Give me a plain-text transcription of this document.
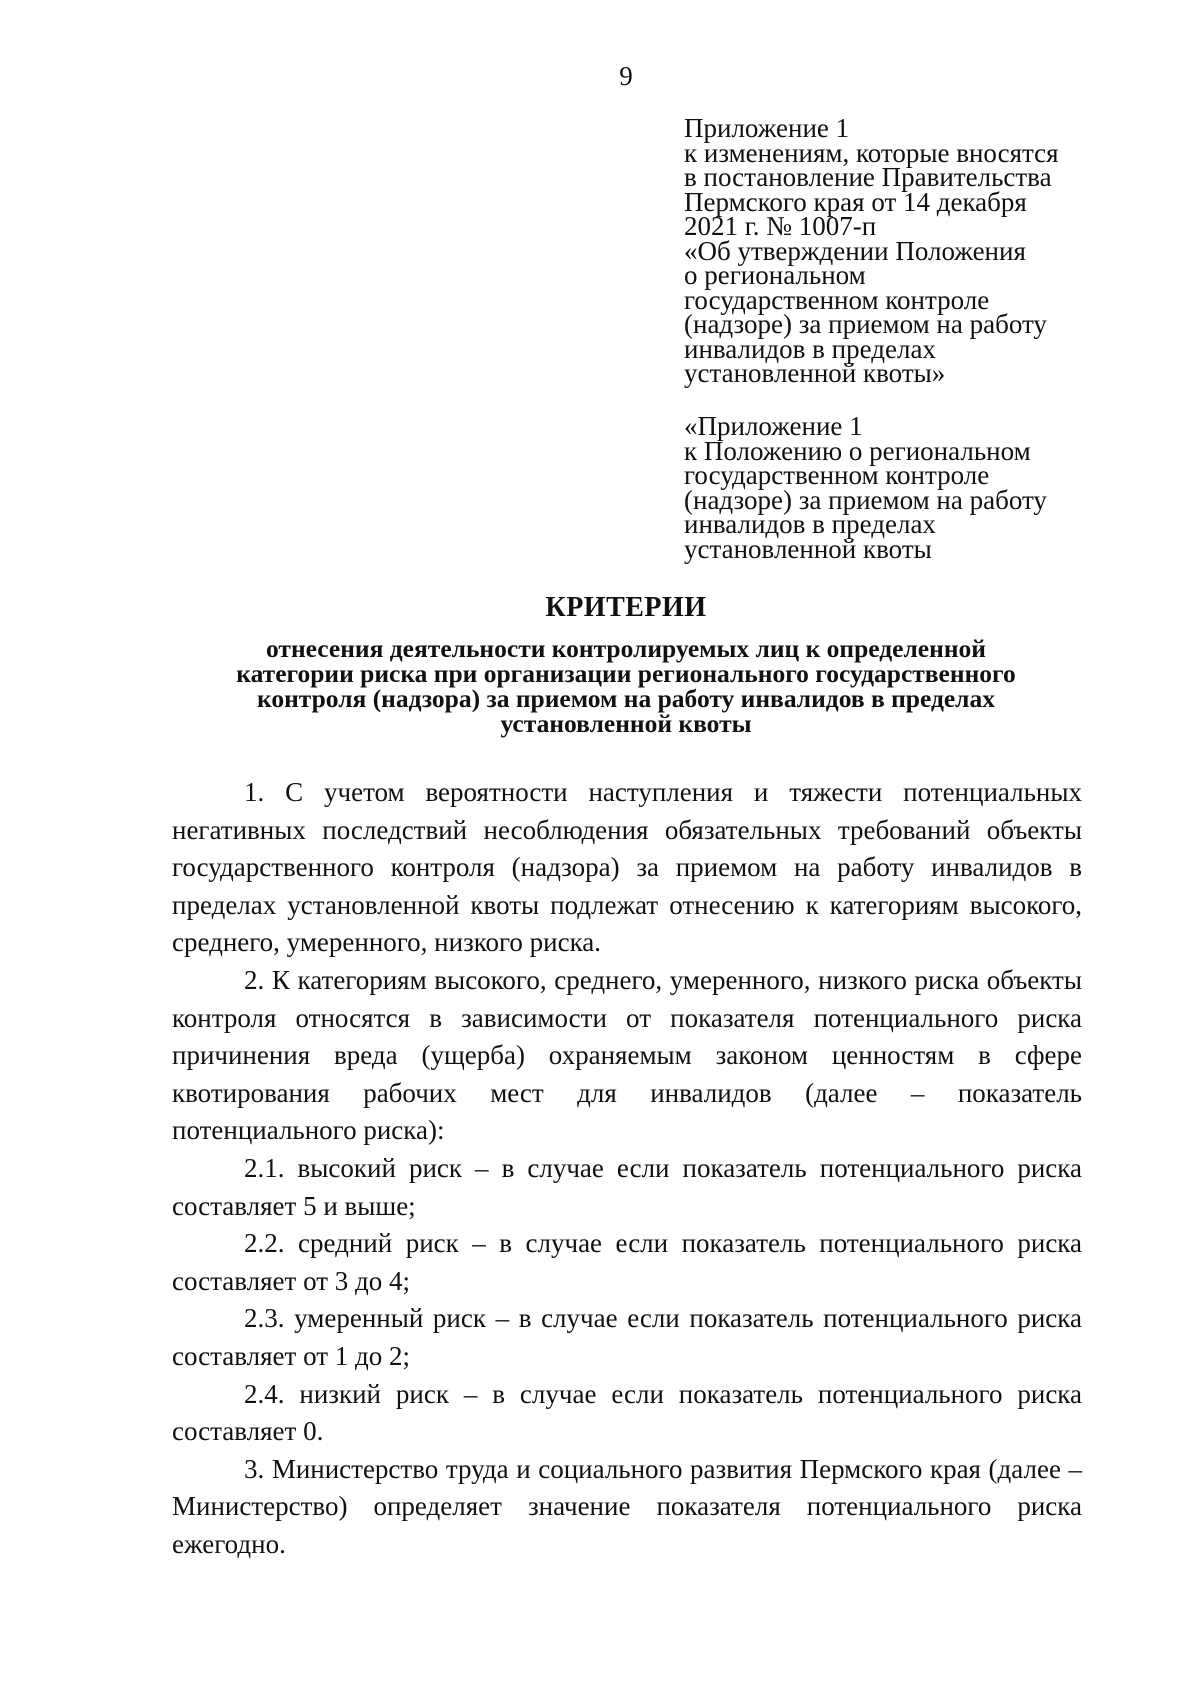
9
Приложение 1
к изменениям, которые вносятся
в постановление Правительства
Пермского края от 14 декабря
2021 г. № 1007-п
«Об утверждении Положения
о региональном
государственном контроле
(надзоре) за приемом на работу
инвалидов в пределах
установленной квоты»
«Приложение 1
к Положению о региональном
государственном контроле
(надзоре) за приемом на работу
инвалидов в пределах
установленной квоты
КРИТЕРИИ
отнесения деятельности контролируемых лиц к определенной
категории риска при организации регионального государственного
контроля (надзора) за приемом на работу инвалидов в пределах
установленной квоты

1. С учетом вероятности наступления и тяжести потенциальных негативных последствий несоблюдения обязательных требований объекты государственного контроля (надзора) за приемом на работу инвалидов в пределах установленной квоты подлежат отнесению к категориям высокого, среднего, умеренного, низкого риска.

2. К категориям высокого, среднего, умеренного, низкого риска объекты контроля относятся в зависимости от показателя потенциального риска причинения вреда (ущерба) охраняемым законом ценностям в сфере квотирования рабочих мест для инвалидов (далее – показатель потенциального риска):

2.1. высокий риск – в случае если показатель потенциального риска составляет 5 и выше;

2.2. средний риск – в случае если показатель потенциального риска составляет от 3 до 4;

2.3. умеренный риск – в случае если показатель потенциального риска составляет от 1 до 2;

2.4. низкий риск – в случае если показатель потенциального риска составляет 0.

3. Министерство труда и социального развития Пермского края (далее – Министерство) определяет значение показателя потенциального риска ежегодно.
